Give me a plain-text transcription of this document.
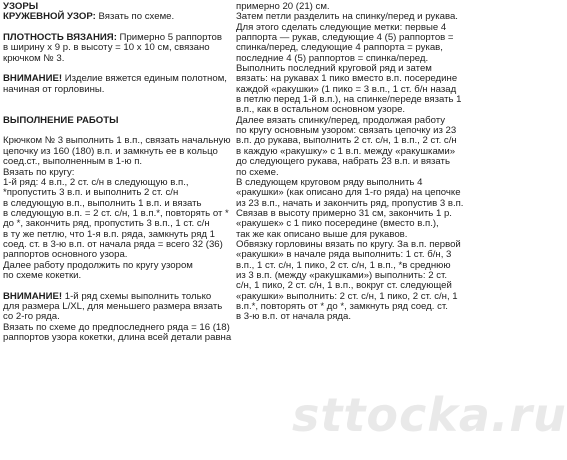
УЗОРЫ
КРУЖЕВНОЙ УЗОР: Вязать по схеме.
ПЛОТНОСТЬ ВЯЗАНИЯ: Примерно 5 раппортов
в ширину х 9 р. в высоту = 10 х 10 см, связано
крючком № 3.
ВНИМАНИЕ! Изделие вяжется единым полотном,
начиная от горловины.
ВЫПОЛНЕНИЕ РАБОТЫ
Крючком № 3 выполнить 1 в.п., связать начальную
цепочку из 160 (180) в.п. и замкнуть ее в кольцо
соед.ст., выполненным в 1-ю п.
Вязать по кругу:
1-й ряд: 4 в.п., 2 ст. с/н в следующую в.п.,
*пропустить 3 в.п. и выполнить 2 ст. с/н
в следующую в.п., выполнить 1 в.п. и вязать
в следующую в.п. = 2 ст. с/н, 1 в.п.*, повторять от *
до *, закончить ряд, пропустить 3 в.п., 1 ст. с/н
в ту же петлю, что 1-я в.п. ряда, замкнуть ряд 1
соед. ст. в 3-ю в.п. от начала ряда = всего 32 (36)
раппортов основного узора.
Далее работу продолжить по кругу узором
по схеме кокетки.
ВНИМАНИЕ! 1-й ряд схемы выполнить только
для размера L/XL, для меньшего размера вязать
со 2-го ряда.
Вязать по схеме до предпоследнего ряда = 16 (18)
раппортов узора кокетки, длина всей детали равна
примерно 20 (21) см.
Затем петли разделить на спинку/перед и рукава.
Для этого сделать следующие метки: первые 4
раппорта — рукав, следующие 4 (5) раппортов =
спинка/перед, следующие 4 раппорта = рукав,
последние 4 (5) раппортов = спинка/перед.
Выполнить последний круговой ряд и затем
вязать: на рукавах 1 пико вместо в.п. посередине
каждой «ракушки» (1 пико = 3 в.п., 1 ст. б/н назад
в петлю перед 1-й в.п.), на спинке/переде вязать 1
в.п., как в остальном основном узоре.
Далее вязать спинку/перед, продолжая работу
по кругу основным узором: связать цепочку из 23
в.п. до рукава, выполнить 2 ст. с/н, 1 в.п., 2 ст. с/н
в каждую «ракушку» с 1 в.п. между «ракушками»
до следующего рукава, набрать 23 в.п. и вязать
по схеме.
В следующем круговом ряду выполнить 4
«ракушки» (как описано для 1-го ряда) на цепочке
из 23 в.п., начать и закончить ряд, пропустив 3 в.п.
Связав в высоту примерно 31 см, закончить 1 р.
«ракушек» с 1 пико посередине (вместо в.п.),
так же как описано выше для рукавов.
Обвязку горловины вязать по кругу. За в.п. первой
«ракушки» в начале ряда выполнить: 1 ст. б/н, 3
в.п., 1 ст. с/н, 1 пико, 2 ст. с/н, 1 в.п., *в среднюю
из 3 в.п. (между «ракушками») выполнить: 2 ст.
с/н, 1 пико, 2 ст. с/н, 1 в.п., вокруг ст. следующей
«ракушки» выполнить: 2 ст. с/н, 1 пико, 2 ст. с/н, 1
в.п.*, повторять от * до *, замкнуть ряд соед. ст.
в 3-ю в.п. от начала ряда.
sttocka.ru
